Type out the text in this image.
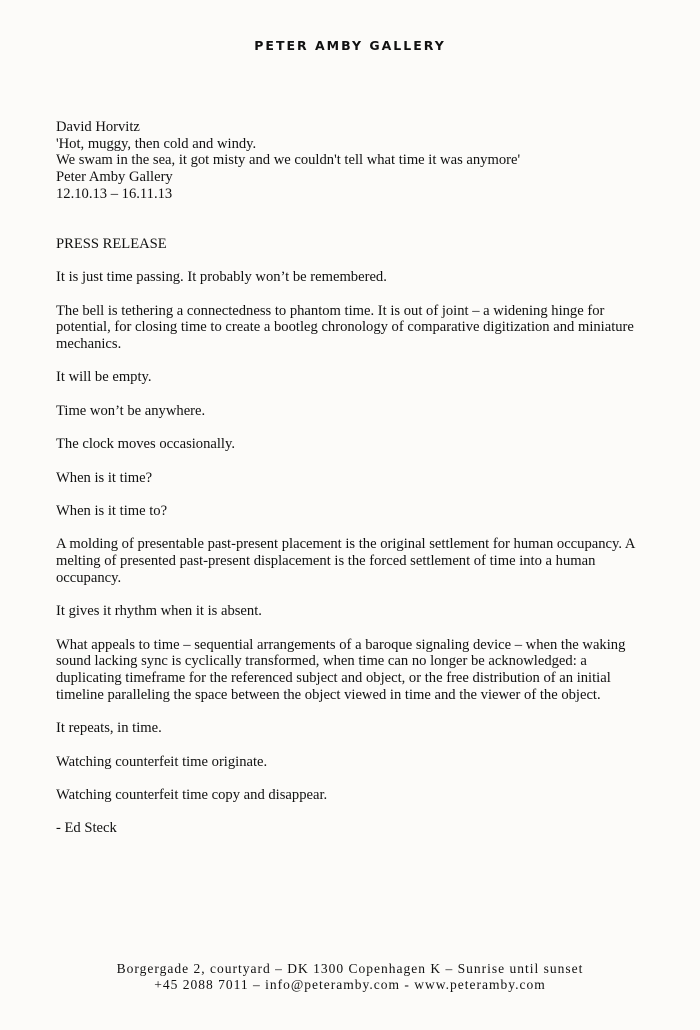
PETER AMBY GALLERY
David Horvitz
'Hot, muggy, then cold and windy.
We swam in the sea, it got misty and we couldn't tell what time it was anymore'
Peter Amby Gallery
12.10.13 – 16.11.13
PRESS RELEASE

It is just time passing. It probably won’t be remembered.

The bell is tethering a connectedness to phantom time. It is out of joint – a widening hinge for potential, for closing time to create a bootleg chronology of comparative digitization and miniature mechanics.

It will be empty.

Time won’t be anywhere.

The clock moves occasionally.

When is it time?

When is it time to?

A molding of presentable past-present placement is the original settlement for human occupancy. A melting of presented past-present displacement is the forced settlement of time into a human occupancy.

It gives it rhythm when it is absent.

What appeals to time – sequential arrangements of a baroque signaling device – when the waking sound lacking sync is cyclically transformed, when time can no longer be acknowledged: a duplicating timeframe for the referenced subject and object, or the free distribution of an initial timeline paralleling the space between the object viewed in time and the viewer of the object.

It repeats, in time.

Watching counterfeit time originate.

Watching counterfeit time copy and disappear.

- Ed Steck

Borgergade 2, courtyard – DK 1300 Copenhagen K – Sunrise until sunset
+45 2088 7011 – info@peteramby.com - www.peteramby.com
